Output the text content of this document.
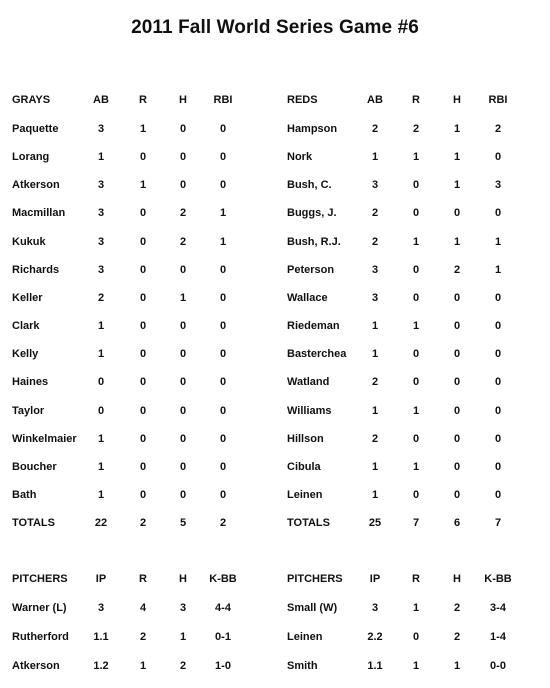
2011 Fall World Series Game #6
GRAYS	AB	R	H	RBI
Paquette	3	1	0	0
Lorang	1	0	0	0
Atkerson	3	1	0	0
Macmillan	3	0	2	1
Kukuk	3	0	2	1
Richards	3	0	0	0
Keller	2	0	1	0
Clark	1	0	0	0
Kelly	1	0	0	0
Haines	0	0	0	0
Taylor	0	0	0	0
Winkelmaier	1	0	0	0
Boucher	1	0	0	0
Bath	1	0	0	0
TOTALS	22	2	5	2
REDS	AB	R	H	RBI
Hampson	2	2	1	2
Nork	1	1	1	0
Bush, C.	3	0	1	3
Buggs, J.	2	0	0	0
Bush, R.J.	2	1	1	1
Peterson	3	0	2	1
Wallace	3	0	0	0
Riedeman	1	1	0	0
Basterchea	1	0	0	0
Watland	2	0	0	0
Williams	1	1	0	0
Hillson	2	0	0	0
Cibula	1	1	0	0
Leinen	1	0	0	0
TOTALS	25	7	6	7
PITCHERS	IP	R	H	K-BB
Warner (L)	3	4	3	4-4
Rutherford	1.1	2	1	0-1
Atkerson	1.2	1	2	1-0
PITCHERS	IP	R	H	K-BB
Small (W)	3	1	2	3-4
Leinen	2.2	0	2	1-4
Smith	1.1	1	1	0-0
